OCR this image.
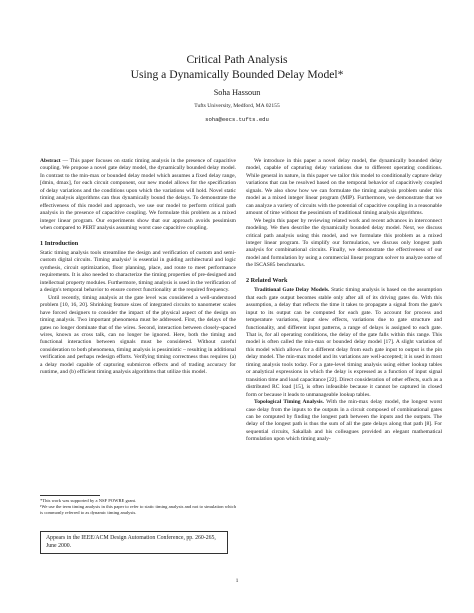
Critical Path Analysis
Using a Dynamically Bounded Delay Model*
Soha Hassoun
Tufts University, Medford, MA 02155
soha@eecs.tufts.edu

Abstract — This paper focuses on static timing analysis in the presence of capacitive coupling. We propose a novel gate delay model, the dynamically bounded delay model. In contrast to the min-max or bounded delay model which assumes a fixed delay range, [dmin, dmax], for each circuit component, our new model allows for the specification of delay variations and the conditions upon which the variations will hold. Novel static timing analysis algorithms can thus dynamically bound the delays. To demonstrate the effectiveness of this model and approach, we use our model to perform critical path analysis in the presence of capacitive coupling. We formulate this problem as a mixed integer linear program. Our experiments show that our approach avoids pessimism when compared to PERT analysis assuming worst case capacitive coupling.

1 Introduction

Static timing analysis tools streamline the design and verification of custom and semi-custom digital circuits. Timing analysis¹ is essential in guiding architectural and logic synthesis, circuit optimization, floor planning, place, and route to meet performance requirements. It is also needed to characterize the timing properties of pre-designed and intellectual property modules. Furthermore, timing analysis is used in the verification of a design's temporal behavior to ensure correct functionality at the required frequency.

Until recently, timing analysis at the gate level was considered a well-understood problem [10, 16, 20]. Shrinking feature sizes of integrated circuits to nanometer scales have forced designers to consider the impact of the physical aspect of the design on timing analysis. Two important phenomena must be addressed. First, the delays of the gates no longer dominate that of the wires. Second, interaction between closely-spaced wires, known as cross talk, can no longer be ignored. Here, both the timing and functional interaction between signals must be considered. Without careful consideration to both phenomena, timing analysis is pessimistic – resulting in additional verification and perhaps redesign efforts. Verifying timing correctness thus requires (a) a delay model capable of capturing submicron effects and of trading accuracy for runtime, and (b) efficient timing analysis algorithms that utilize this model.

*This work was supported by a NSF POWRE grant.
¹We use the term timing analysis in this paper to refer to static timing analysis and not to simulation which is commonly referred to as dynamic timing analysis.
Appears in the IEEE/ACM Design Automation Conference, pp. 260-265, June 2000.

We introduce in this paper a novel delay model, the dynamically bounded delay model, capable of capturing delay variations due to different operating conditions. While general in nature, in this paper we tailor this model to conditionally capture delay variations that can be resolved based on the temporal behavior of capacitively coupled signals. We also show how we can formulate the timing analysis problem under this model as a mixed integer linear program (MIP). Furthermore, we demonstrate that we can analyze a variety of circuits with the potential of capacitive coupling in a reasonable amount of time without the pessimism of traditional timing analysis algorithms.

We begin this paper by reviewing related work and recent advances in interconnect modeling. We then describe the dynamically bounded delay model. Next, we discuss critical path analysis using this model, and we formulate this problem as a mixed integer linear program. To simplify our formulation, we discuss only longest path analysis for combinational circuits. Finally, we demonstrate the effectiveness of our model and formulation by using a commercial linear program solver to analyze some of the ISCAS85 benchmarks.

2 Related Work

Traditional Gate Delay Models. Static timing analysis is based on the assumption that each gate output becomes stable only after all of its driving gates do. With this assumption, a delay that reflects the time it takes to propagate a signal from the gate's input to its output can be computed for each gate. To account for process and temperature variations, input slew effects, variations due to gate structure and functionality, and different input patterns, a range of delays is assigned to each gate. That is, for all operating conditions, the delay of the gate falls within this range. This model is often called the min-max or bounded delay model [17]. A slight variation of this model which allows for a different delay from each gate input to output is the pin delay model. The min-max model and its variations are well-accepted; it is used in most timing analysis tools today. For a gate-level timing analysis using either lookup tables or analytical expressions in which the delay is expressed as a function of input signal transition time and load capacitance [22]. Direct consideration of other effects, such as a distributed RC load [15], is often infeasible because it cannot be captured in closed form or because it leads to unmanageable lookup tables.

Topological Timing Analysis. With the min-max delay model, the longest worst case delay from the inputs to the outputs in a circuit composed of combinational gates can be computed by finding the longest path between the inputs and the outputs. The delay of the longest path is thus the sum of all the gate delays along that path [8]. For sequential circuits, Sakallah and his colleagues provided an elegant mathematical formulation upon which timing analy-

1
